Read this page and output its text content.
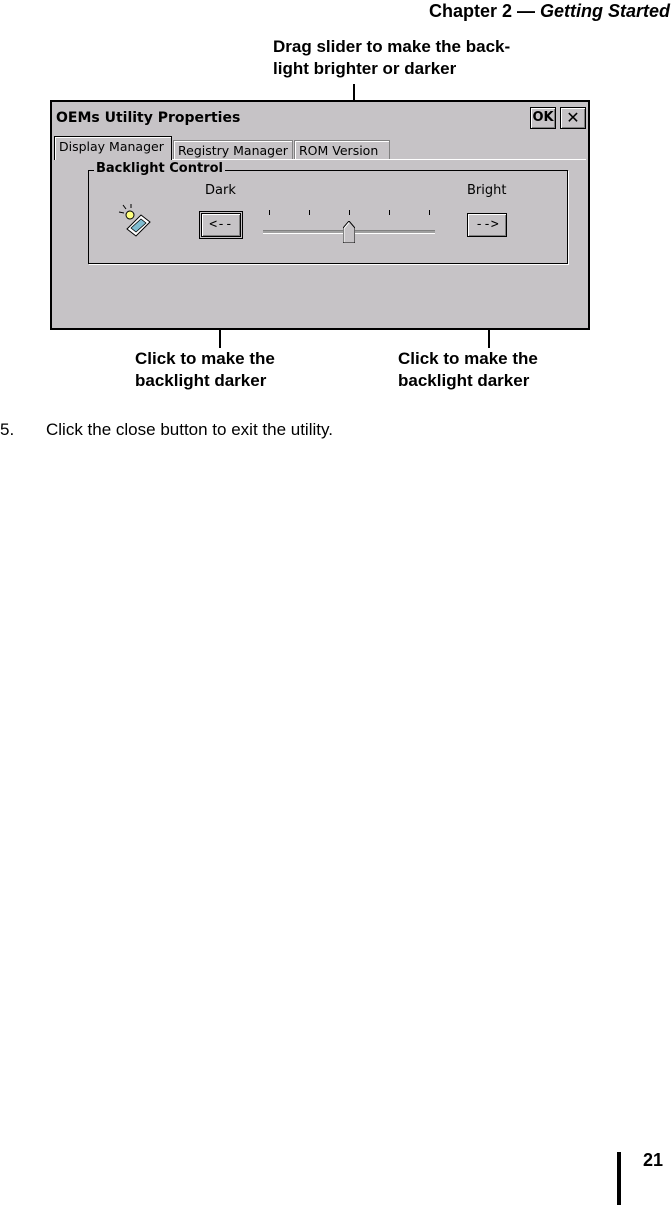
Chapter 2 — Getting Started
Drag slider to make the back-
light brighter or darker
Click to make the
backlight darker
Click to make the
backlight darker
OEMs Utility Properties	OK ✕
Display Manager	Registry Manager ROM Version
Backlight Control
Dark	Bright
<--	-->
5. Click the close button to exit the utility.
21
